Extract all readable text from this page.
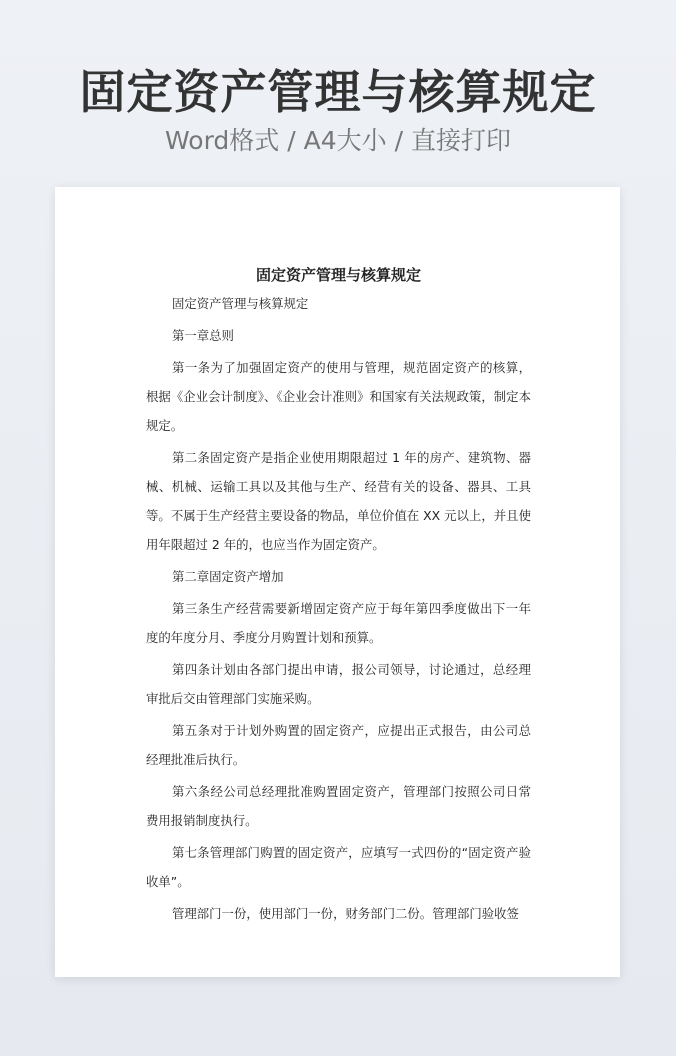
固定资产管理与核算规定
Word格式 / A4大小 / 直接打印
固定资产管理与核算规定

固定资产管理与核算规定

第一章总则

第一条为了加强固定资产的使用与管理，规范固定资产的核算，根据《企业会计制度》、《企业会计准则》和国家有关法规政策，制定本规定。

第二条固定资产是指企业使用期限超过 1 年的房产、建筑物、器械、机械、运输工具以及其他与生产、经营有关的设备、器具、工具等。不属于生产经营主要设备的物品，单位价值在 XX 元以上，并且使用年限超过 2 年的，也应当作为固定资产。

第二章固定资产增加

第三条生产经营需要新增固定资产应于每年第四季度做出下一年度的年度分月、季度分月购置计划和预算。

第四条计划由各部门提出申请，报公司领导，讨论通过，总经理审批后交由管理部门实施采购。

第五条对于计划外购置的固定资产，应提出正式报告，由公司总经理批准后执行。

第六条经公司总经理批准购置固定资产，管理部门按照公司日常费用报销制度执行。

第七条管理部门购置的固定资产，应填写一式四份的“固定资产验收单”。

管理部门一份，使用部门一份，财务部门二份。管理部门验收签
